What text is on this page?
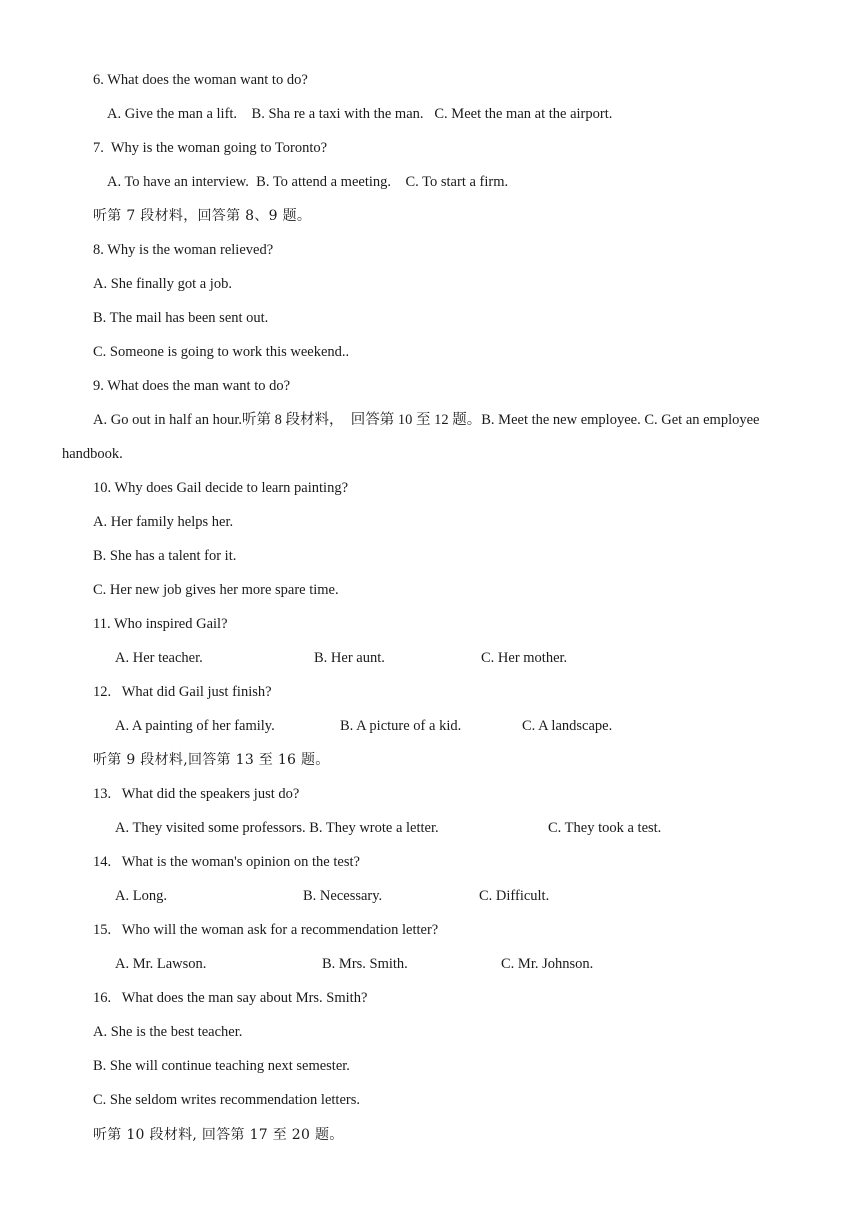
6. What does the woman want to do?
A. Give the man a lift.    B. Sha re a taxi with the man.   C. Meet the man at the airport.
7.  Why is the woman going to Toronto?
A. To have an interview.  B. To attend a meeting.    C. To start a firm.
听第 7 段材料，回答第 8、9 题。
8. Why is the woman relieved?
A. She finally got a job.
B. The mail has been sent out.
C. Someone is going to work this weekend..
9. What does the man want to do?
A. Go out in half an hour.听第 8 段材料，  回答第 10 至 12 题。B. Meet the new employee. C. Get an employee
handbook.
10. Why does Gail decide to learn painting?
A. Her family helps her.
B. She has a talent for it.
C. Her new job gives her more spare time.
11. Who inspired Gail?
A. Her teacher.	B. Her aunt.	C. Her mother.
12.   What did Gail just finish?
A. A painting of her family.	B. A picture of a kid.	C. A landscape.
听第 9 段材料,回答第 13 至 16 题。
13.   What did the speakers just do?
A. They visited some professors. B. They wrote a letter.	C. They took a test.
14.   What is the woman's opinion on the test?
A. Long.	B. Necessary.	C. Difficult.
15.   Who will the woman ask for a recommendation letter?
A. Mr. Lawson.	B. Mrs. Smith.	C. Mr. Johnson.
16.   What does the man say about Mrs. Smith?
A. She is the best teacher.
B. She will continue teaching next semester.
C. She seldom writes recommendation letters.
听第 10 段材料, 回答第 17 至 20 题。
